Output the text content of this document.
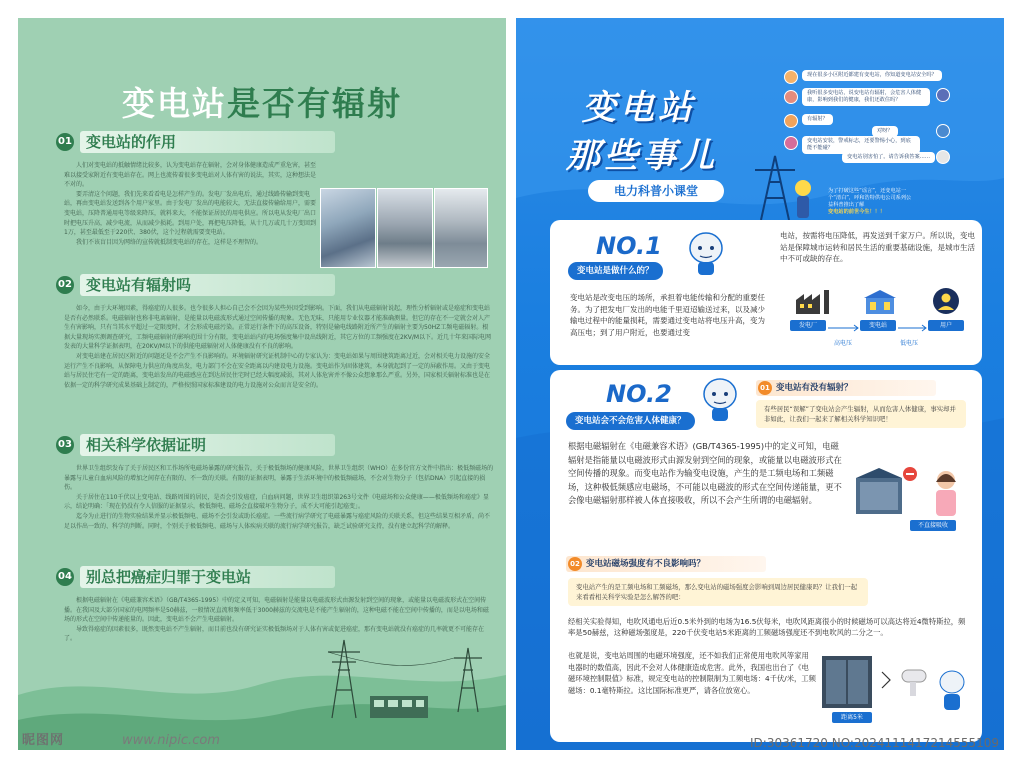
变电站是否有辐射
01 变电站的作用

人们对变电站的抵触情绪比较多，认为变电站存在辐射，会对身体健康造成严重危害，甚至难以接受家附近有变电站存在。网上也流传着很多变电站对人体有害的说法，其实，这种想法是不对的。

要弄清这个问题，我们先来看看电是怎样产生的。发电厂发出电后，通过线路传输到变电站，再由变电站发送到各个用户家里。由于发电厂发出的电能较大，无法直接传输给用户，需要变电站，压降普通用电等级来降压，就料来大，不能保证居民的用电供应。所以电从发电厂出口时把电压升高，减少电流，从而减少损耗。到用户处，再把电压降低，从十几万或几十万变回到1万，甚至最低至于220伏、380伏，这个过程就需要变电站。

我们不该盲目因为网络的宣传就抵制变电站的存在，这样是不理智的。

02 变电站有辐射吗

如今，由于大环境因素，得癌症的人很多。也令很多人担心自己会不会因为某些外因受到影响。下面，我们从电磁辐射说起，理性分析辐射或是癌症和变电站是否有必然联系。电磁辐射也称非电离辐射，是能量以电磁波形式通过空间传播的现象。无色无味，只能用专业仪器才能准确测量。但它的存在不一定就会对人产生有害影响，只有当其水平超过一定限度时，才会形成电磁污染。正常运行条件下的高压设备，特别是输电线路附近所产生的辐射主要为50HZ工频电磁辐射。根据大量现场实测调查研究，工频电磁辐射的影响范围十分有限，变电站站内的电场强度集中设出线附近，其它方位的工频强度在2KV/M以下。近几十年来国际电网发表的大量科学证据表明，在20KV/M以下的供能电磁辐射对人体健康没有不良的影响。

对变电站建在居民区附近的问题还是不会产生不良影响的。环境辐射研究证机制中心的专家认为：变电站如果与周围建筑距离过近，会对相关电力设施的安全运行产生不良影响，从保障电力供应的角度出发，电力部门不会在安全距离以内建设电力设施。变电站作为固体建筑，本身就起到了一定的屏蔽作用。又由于变电站与居民住宅有一定的距离，变电站发出的电磁感应在到达居民住宅时已经大幅度减弱，其对人体危害并不像公众想象那么严重。另外，国家相关辐射标准也是在依据一定的科学研究成果基础上制定的，严格按照国家标准建设的电力设施对公众而言是安全的。

03 相关科学依据证明

世界卫生组织发布了关于居民区和工作场所电磁场暴露的研究报告，关于极低频场的健康风险，世界卫生组织（WHO）在多份官方文件中指出：极低频磁场的暴露与儿童白血病风险的增加之间存在有限的、不一致的关联。有限的证据表明，暴露于生活环境中的极低频磁场，不会对生物分子（包括DNA）引起直接的损伤。

关于居住在110千伏以上变电站、线路周围的居民，是否会引发癌症，白血病问题，世界卫生组织第263号文件《电磁场和公众健康——极低频场和癌症》显示，结论明确：「现在仍没有令人信服的证据显示，极低频电、磁场会直接破坏生物分子，成不大可能引起癌变」。

迄今为止进行的生物实验结果并显示极低频电、磁场不会引发或助长癌症。一些流行病学研究了电磁暴露与癌症风险的关联关系，但这些结果互相矛盾，尚不足以作出一致的、科学的判断。同时，个别关于极低频电、磁场与人体疾病关联的流行病学研究报告，缺乏试验研究支持，没有建立起科学的解释。

04 别总把癌症归罪于变电站

根据电磁辐射在《电磁兼容术语》（GB/T4365-1995）中的定义可知，电磁辐射是能量以电磁波形式由源发射到空间的现象，或能量以电磁波形式在空间传播。在我国及大部分国家的电网频率是50赫兹，一般情况直流和频率低于3000赫兹的交流电是不能产生辐射的，这种电磁不能在空间中传播的，而是以电场和磁场的形式在空间中传递能量的。因此，变电站不会产生电磁辐射。

导致得癌症的因素很多，既然变电站不产生辐射，而目前也没有研究证实极低频场对于人体有害或促进癌症，那有变电站就没有癌症的几率就更不可能存在了。

昵图网	www.nipic.com
变电站
那些事儿
电力科普小课堂
现在很多小区附近都建有变电站，你知道变电站安全吗？
我听很多变电站，说变电站有辐射，会危害人体健康，影响到我们的健康，我们还敢住吗？
有辐射？
对呀？
变电站安装，警戒标志，还要警惕小心，到底能不能碰？
变电站别害怕了。请告诉我答案……
为了打破这些“谣言”，还变电站一个“清白”，呼和浩特供电公司系列公益科普推出了解
变电站的前世今生！！！
NO.1
变电站是做什么的？
电站，按需将电压降低，再发送到千家万户。所以说，变电站是保障城市运转和居民生活的重要基础设施，是城市生活中不可或缺的存在。
变电站是改变电压的场所，承担着电能传输和分配的重要任务。为了把发电厂发出的电能千里迢迢输送过来，以及减少输电过程中的能量损耗，需要通过变电站将电压升高，变为高压电；到了用户附近，也要通过变
发电厂	变电站	用户
高电压	低电压
NO.2
变电站会不会危害人体健康？
01 变电站有没有辐射？
有些居民“误解”了变电站会产生辐射，从而危害人体健康，事实却并非如此，让我们一起来了解相关科学知识吧！
根据电磁辐射在《电磁兼容术语》(GB/T4365-1995)中的定义可知，电磁辐射是指能量以电磁波形式由源发射到空间的现象，或能量以电磁波形式在空间传播的现象。而变电站作为输变电设施，产生的是工频电场和工频磁场，这种极低频感应电磁场，不可能以电磁波的形式在空间传递能量，更不会像电磁辐射那样被人体直接吸收，所以不会产生所谓的电磁辐射。
不直接吸收
02 变电站磁场强度有不良影响吗？
变电站产生的是工频电场和工频磁场，那么变电站的磁场强度会影响到周边居民健康吗？让我们一起来看看相关科学实验是怎么解答的吧：
经相关实验得知，电吹风通电后近0.5米外到的电场为16.5伏每米，电吹风距离很小的时候磁场可以高达将近4微特斯拉，频率是50赫兹，这种磁场强度是，220千伏变电站5米距离的工频磁场强度还不到电吹风的二分之一。
也就是说，变电站周围的电磁环境强度，还不如我们正常使用电吹风等家用电器时的数值高，因此不会对人体健康造成危害。此外，我国也出台了《电磁环境控制限值》标准，规定变电站的控制限制为工频电场：4千伏/米，工频磁场：0.1毫特斯拉。这比国际标准更严，请各位放宽心。
距离5米
ID:30361720 NO:20241114172145551​09
